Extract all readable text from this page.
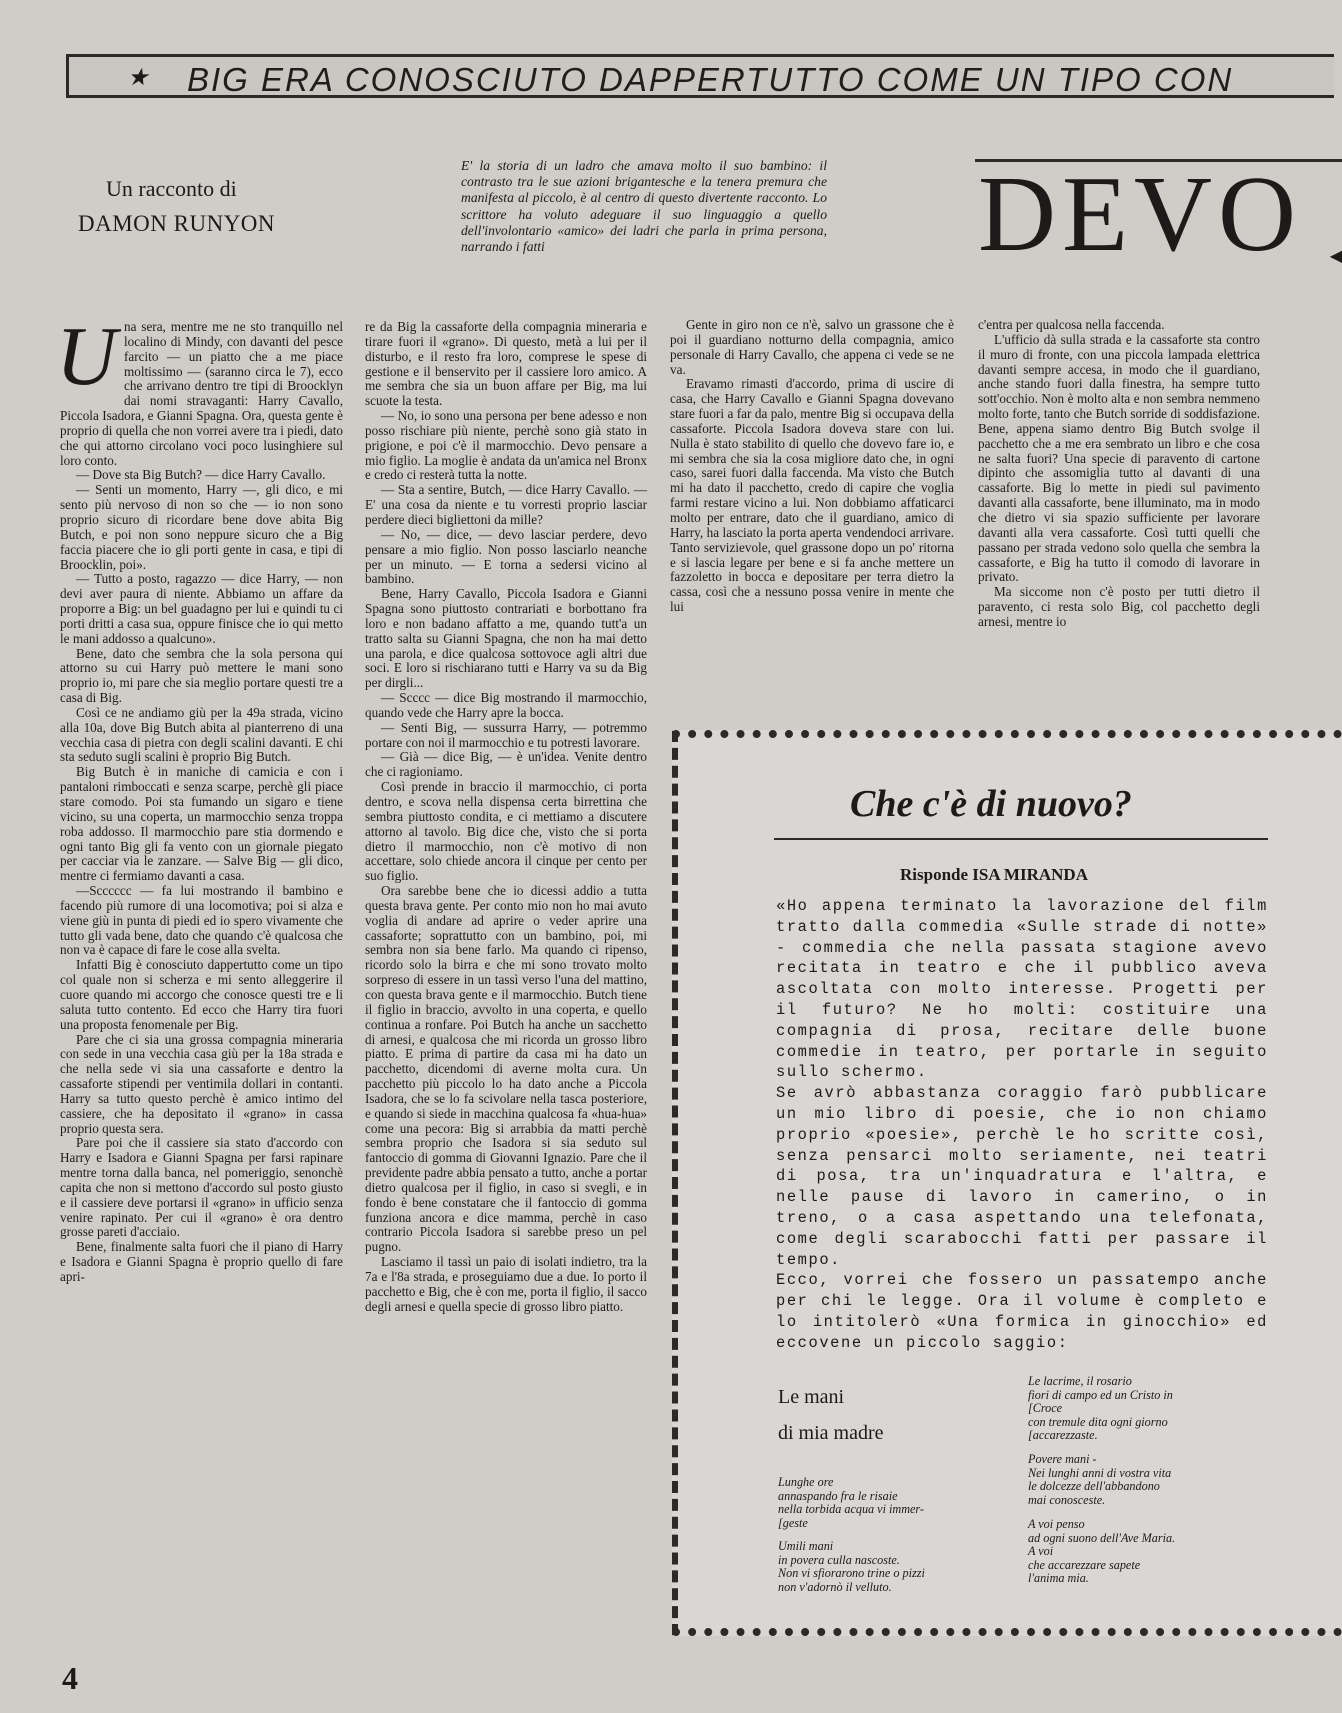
★ BIG ERA CONOSCIUTO DAPPERTUTTO COME UN TIPO CON
Un racconto di
DAMON RUNYON
E' la storia di un ladro che amava molto il suo bambino: il contrasto tra le sue azioni brigantesche e la tenera premura che manifesta al piccolo, è al centro di questo divertente racconto. Lo scrittore ha voluto adeguare il suo linguaggio a quello dell'involontario «amico» dei ladri che parla in prima persona, narrando i fatti	DEVO ◀
U na sera, mentre me ne sto tranquillo nel localino di Mindy, con davanti del pesce farcito — un piatto che a me piace moltissimo — (saranno circa le 7), ecco che arrivano dentro tre tipi di Broocklyn dai nomi stravaganti: Harry Cavallo, Piccola Isadora, e Gianni Spagna. Ora, questa gente è proprio di quella che non vorrei avere tra i piedi, dato che qui attorno circolano voci poco lusinghiere sul loro conto.

— Dove sta Big Butch? — dice Harry Cavallo.

— Senti un momento, Harry —, gli dico, e mi sento più nervoso di non so che — io non sono proprio sicuro di ricordare bene dove abita Big Butch, e poi non sono neppure sicuro che a Big faccia piacere che io gli porti gente in casa, e tipi di Broocklin, poi».

— Tutto a posto, ragazzo — dice Harry, — non devi aver paura di niente. Abbiamo un affare da proporre a Big: un bel guadagno per lui e quindi tu ci porti dritti a casa sua, oppure finisce che io qui metto le mani addosso a qualcuno».

Bene, dato che sembra che la sola persona qui attorno su cui Harry può mettere le mani sono proprio io, mi pare che sia meglio portare questi tre a casa di Big.

Così ce ne andiamo giù per la 49a strada, vicino alla 10a, dove Big Butch abita al pianterreno di una vecchia casa di pietra con degli scalini davanti. E chi sta seduto sugli scalini è proprio Big Butch.

Big Butch è in maniche di camicia e con i pantaloni rimboccati e senza scarpe, perchè gli piace stare comodo. Poi sta fumando un sigaro e tiene vicino, su una coperta, un marmocchio senza troppa roba addosso. Il marmocchio pare stia dormendo e ogni tanto Big gli fa vento con un giornale piegato per cacciar via le zanzare. — Salve Big — gli dico, mentre ci fermiamo davanti a casa.

—Scccccc — fa lui mostrando il bambino e facendo più rumore di una locomotiva; poi si alza e viene giù in punta di piedi ed io spero vivamente che tutto gli vada bene, dato che quando c'è qualcosa che non va è capace di fare le cose alla svelta.

Infatti Big è conosciuto dappertutto come un tipo col quale non si scherza e mi sento alleggerire il cuore quando mi accorgo che conosce questi tre e li saluta tutto contento. Ed ecco che Harry tira fuori una proposta fenomenale per Big.

Pare che ci sia una grossa compagnia mineraria con sede in una vecchia casa giù per la 18a strada e che nella sede vi sia una cassaforte e dentro la cassaforte stipendi per ventimila dollari in contanti. Harry sa tutto questo perchè è amico intimo del cassiere, che ha depositato il «grano» in cassa proprio questa sera.

Pare poi che il cassiere sia stato d'accordo con Harry e Isadora e Gianni Spagna per farsi rapinare mentre torna dalla banca, nel pomeriggio, senonchè capita che non si mettono d'accordo sul posto giusto e il cassiere deve portarsi il «grano» in ufficio senza venire rapinato. Per cui il «grano» è ora dentro grosse pareti d'acciaio.

Bene, finalmente salta fuori che il piano di Harry e Isadora e Gianni Spagna è proprio quello di fare apri-

re da Big la cassaforte della compagnia mineraria e tirare fuori il «grano». Di questo, metà a lui per il disturbo, e il resto fra loro, comprese le spese di gestione e il benservito per il cassiere loro amico. A me sembra che sia un buon affare per Big, ma lui scuote la testa.

— No, io sono una persona per bene adesso e non posso rischiare più niente, perchè sono già stato in prigione, e poi c'è il marmocchio. Devo pensare a mio figlio. La moglie è andata da un'amica nel Bronx e credo ci resterà tutta la notte.

— Sta a sentire, Butch, — dice Harry Cavallo. — E' una cosa da niente e tu vorresti proprio lasciar perdere dieci bigliettoni da mille?

— No, — dice, — devo lasciar perdere, devo pensare a mio figlio. Non posso lasciarlo neanche per un minuto. — E torna a sedersi vicino al bambino.

Bene, Harry Cavallo, Piccola Isadora e Gianni Spagna sono piuttosto contrariati e borbottano fra loro e non badano affatto a me, quando tutt'a un tratto salta su Gianni Spagna, che non ha mai detto una parola, e dice qualcosa sottovoce agli altri due soci. E loro si rischiarano tutti e Harry va su da Big per dirgli...

— Scccc — dice Big mostrando il marmocchio, quando vede che Harry apre la bocca.

— Senti Big, — sussurra Harry, — potremmo portare con noi il marmocchio e tu potresti lavorare.

— Già — dice Big, — è un'idea. Venite dentro che ci ragioniamo.

Così prende in braccio il marmocchio, ci porta dentro, e scova nella dispensa certa birrettina che sembra piuttosto condita, e ci mettiamo a discutere attorno al tavolo. Big dice che, visto che si porta dietro il marmocchio, non c'è motivo di non accettare, solo chiede ancora il cinque per cento per suo figlio.

Ora sarebbe bene che io dicessi addio a tutta questa brava gente. Per conto mio non ho mai avuto voglia di andare ad aprire o veder aprire una cassaforte; soprattutto con un bambino, poi, mi sembra non sia bene farlo. Ma quando ci ripenso, ricordo solo la birra e che mi sono trovato molto sorpreso di essere in un tassì verso l'una del mattino, con questa brava gente e il marmocchio. Butch tiene il figlio in braccio, avvolto in una coperta, e quello continua a ronfare. Poi Butch ha anche un sacchetto di arnesi, e qualcosa che mi ricorda un grosso libro piatto. E prima di partire da casa mi ha dato un pacchetto, dicendomi di averne molta cura. Un pacchetto più piccolo lo ha dato anche a Piccola Isadora, che se lo fa scivolare nella tasca posteriore, e quando si siede in macchina qualcosa fa «hua-hua» come una pecora: Big si arrabbia da matti perchè sembra proprio che Isadora si sia seduto sul fantoccio di gomma di Giovanni Ignazio. Pare che il previdente padre abbia pensato a tutto, anche a portar dietro qualcosa per il figlio, in caso si svegli, e in fondo è bene constatare che il fantoccio di gomma funziona ancora e dice mamma, perchè in caso contrario Piccola Isadora si sarebbe preso un pel pugno.

Lasciamo il tassì un paio di isolati indietro, tra la 7a e l'8a strada, e proseguiamo due a due. Io porto il pacchetto e Big, che è con me, porta il figlio, il sacco degli arnesi e quella specie di grosso libro piatto.

Gente in giro non ce n'è, salvo un grassone che è poi il guardiano notturno della compagnia, amico personale di Harry Cavallo, che appena ci vede se ne va.

Eravamo rimasti d'accordo, prima di uscire di casa, che Harry Cavallo e Gianni Spagna dovevano stare fuori a far da palo, mentre Big si occupava della cassaforte. Piccola Isadora doveva stare con lui. Nulla è stato stabilito di quello che dovevo fare io, e mi sembra che sia la cosa migliore dato che, in ogni caso, sarei fuori dalla faccenda. Ma visto che Butch mi ha dato il pacchetto, credo di capire che voglia farmi restare vicino a lui. Non dobbiamo affaticarci molto per entrare, dato che il guardiano, amico di Harry, ha lasciato la porta aperta vendendoci arrivare. Tanto servizievole, quel grassone dopo un po' ritorna e si lascia legare per bene e si fa anche mettere un fazzoletto in bocca e depositare per terra dietro la cassa, così che a nessuno possa venire in mente che lui

c'entra per qualcosa nella faccenda.

L'ufficio dà sulla strada e la cassaforte sta contro il muro di fronte, con una piccola lampada elettrica davanti sempre accesa, in modo che il guardiano, anche stando fuori dalla finestra, ha sempre tutto sott'occhio. Non è molto alta e non sembra nemmeno molto forte, tanto che Butch sorride di soddisfazione. Bene, appena siamo dentro Big Butch svolge il pacchetto che a me era sembrato un libro e che cosa ne salta fuori? Una specie di paravento di cartone dipinto che assomiglia tutto al davanti di una cassaforte. Big lo mette in piedi sul pavimento davanti alla cassaforte, bene illuminato, ma in modo che dietro vi sia spazio sufficiente per lavorare davanti alla vera cassaforte. Così tutti quelli che passano per strada vedono solo quella che sembra la cassaforte, e Big ha tutto il comodo di lavorare in privato.

Ma siccome non c'è posto per tutti dietro il paravento, ci resta solo Big, col pacchetto degli arnesi, mentre io

Che c'è di nuovo?
Risponde ISA MIRANDA
«Ho appena terminato la lavorazione del film tratto dalla commedia «Sulle strade di notte» - commedia che nella passata stagione avevo recitata in teatro e che il pubblico aveva ascoltata con molto interesse. Progetti per il futuro? Ne ho molti: costituire una compagnia di prosa, recitare delle buone commedie in teatro, per portarle in seguito sullo schermo.
Se avrò abbastanza coraggio farò pubblicare un mio libro di poesie, che io non chiamo proprio «poesie», perchè le ho scritte così, senza pensarci molto seriamente, nei teatri di posa, tra un'inquadratura e l'altra, e nelle pause di lavoro in camerino, o in treno, o a casa aspettando una telefonata, come degli scarabocchi fatti per passare il tempo.
Ecco, vorrei che fossero un passatempo anche per chi le legge. Ora il volume è completo e lo intitolerò «Una formica in ginocchio» ed eccovene un piccolo saggio:
Le mani
di mia madre
Lunghe ore
annaspando fra le risaie
nella torbida acqua vi immer-
[geste
Umili mani
in povera culla nascoste.
Non vi sfiorarono trine o pizzi
non v'adornò il velluto.
Le lacrime, il rosario
fiori di campo ed un Cristo in
[Croce
con tremule dita ogni giorno
[accarezzaste.
Povere mani -
Nei lunghi anni di vostra vita
le dolcezze dell'abbandono
mai conosceste.
A voi penso
ad ogni suono dell'Ave Maria.
A voi
che accarezzare sapete
l'anima mia.
4
